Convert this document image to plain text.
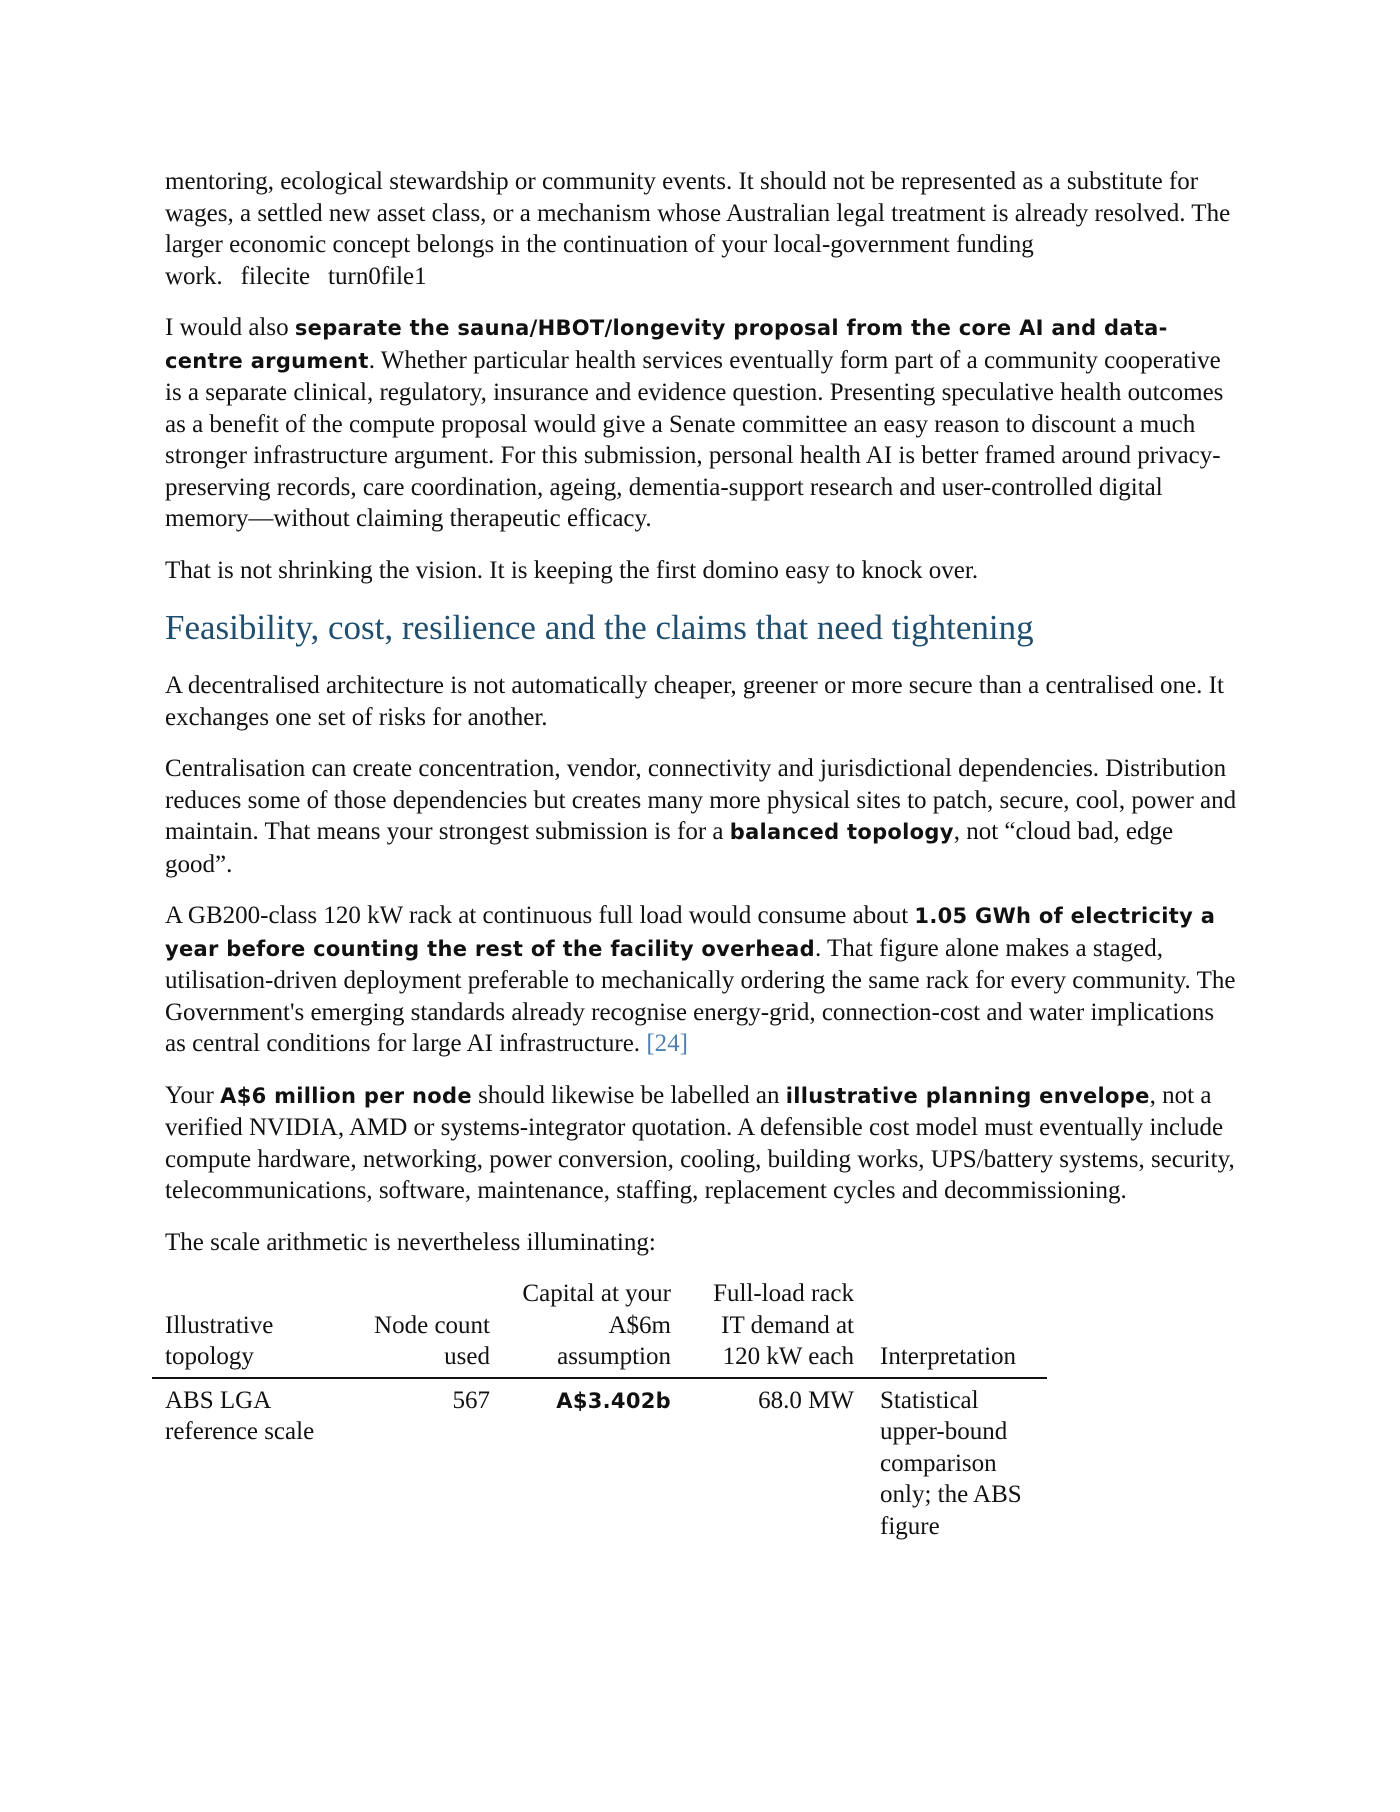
mentoring, ecological stewardship or community events. It should not be represented as a substitute for wages, a settled new asset class, or a mechanism whose Australian legal treatment is already resolved. The larger economic concept belongs in the continuation of your local-government funding work. filecite turn0file1

I would also separate the sauna/HBOT/longevity proposal from the core AI and data-centre argument. Whether particular health services eventually form part of a community cooperative is a separate clinical, regulatory, insurance and evidence question. Presenting speculative health outcomes as a benefit of the compute proposal would give a Senate committee an easy reason to discount a much stronger infrastructure argument. For this submission, personal health AI is better framed around privacy-preserving records, care coordination, ageing, dementia-support research and user-controlled digital memory—without claiming therapeutic efficacy.

That is not shrinking the vision. It is keeping the first domino easy to knock over.

Feasibility, cost, resilience and the claims that need tightening

A decentralised architecture is not automatically cheaper, greener or more secure than a centralised one. It exchanges one set of risks for another.

Centralisation can create concentration, vendor, connectivity and jurisdictional dependencies. Distribution reduces some of those dependencies but creates many more physical sites to patch, secure, cool, power and maintain. That means your strongest submission is for a balanced topology, not “cloud bad, edge good”.

A GB200-class 120 kW rack at continuous full load would consume about 1.05 GWh of electricity a year before counting the rest of the facility overhead. That figure alone makes a staged, utilisation-driven deployment preferable to mechanically ordering the same rack for every community. The Government's emerging standards already recognise energy-grid, connection-cost and water implications as central conditions for large AI infrastructure. [24]

Your A$6 million per node should likewise be labelled an illustrative planning envelope, not a verified NVIDIA, AMD or systems-integrator quotation. A defensible cost model must eventually include compute hardware, networking, power conversion, cooling, building works, UPS/battery systems, security, telecommunications, software, maintenance, staffing, replacement cycles and decommissioning.

The scale arithmetic is nevertheless illuminating:

Illustrative topology	Node count used	Capital at your A$6m assumption	Full-load rack IT demand at 120 kW each	Interpretation
ABS LGA reference scale	567	A$3.402b	68.0 MW	Statistical upper-bound comparison only; the ABS figure
